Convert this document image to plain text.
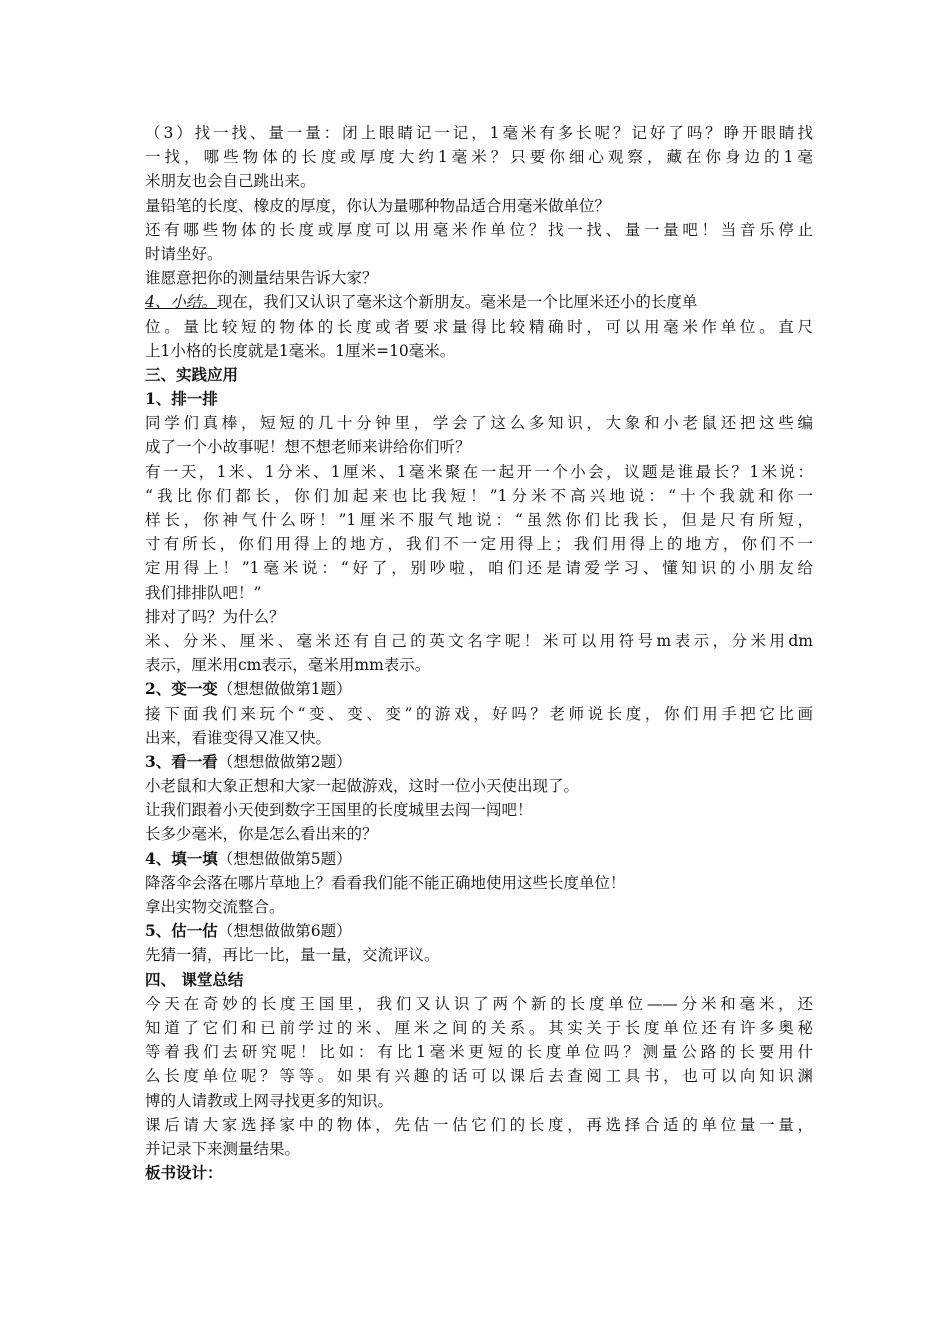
（3）找一找、量一量：闭上眼睛记一记，1毫米有多长呢？记好了吗？睁开眼睛找
一找，哪些物体的长度或厚度大约1毫米？只要你细心观察，藏在你身边的1毫
米朋友也会自己跳出来。
量铅笔的长度、橡皮的厚度，你认为量哪种物品适合用毫米做单位？
还有哪些物体的长度或厚度可以用毫米作单位？找一找、量一量吧！当音乐停止
时请坐好。
谁愿意把你的测量结果告诉大家？
4、小结。现在，我们又认识了毫米这个新朋友。毫米是一个比厘米还小的长度单
位。量比较短的物体的长度或者要求量得比较精确时，可以用毫米作单位。直尺
上1小格的长度就是1毫米。1厘米=10毫米。
三、实践应用
1、排一排
同学们真棒，短短的几十分钟里，学会了这么多知识，大象和小老鼠还把这些编
成了一个小故事呢！想不想老师来讲给你们听？
有一天，1米、1分米、1厘米、1毫米聚在一起开一个小会，议题是谁最长？1米说：
“我比你们都长，你们加起来也比我短！”1分米不高兴地说：“十个我就和你一
样长，你神气什么呀！”1厘米不服气地说：“虽然你们比我长，但是尺有所短，
寸有所长，你们用得上的地方，我们不一定用得上；我们用得上的地方，你们不一
定用得上！”1毫米说：“好了，别吵啦，咱们还是请爱学习、懂知识的小朋友给
我们排排队吧！”
排对了吗？为什么？
米、分米、厘米、毫米还有自己的英文名字呢！米可以用符号m表示，分米用dm
表示，厘米用cm表示，毫米用mm表示。
2、变一变（想想做做第1题）
接下面我们来玩个“变、变、变”的游戏，好吗？老师说长度，你们用手把它比画
出来，看谁变得又准又快。
3、看一看（想想做做第2题）
小老鼠和大象正想和大家一起做游戏，这时一位小天使出现了。
让我们跟着小天使到数字王国里的长度城里去闯一闯吧！
长多少毫米，你是怎么看出来的？
4、填一填（想想做做第5题）
降落伞会落在哪片草地上？看看我们能不能正确地使用这些长度单位！
拿出实物交流整合。
5、估一估（想想做做第6题）
先猜一猜，再比一比，量一量，交流评议。
四、 课堂总结
今天在奇妙的长度王国里，我们又认识了两个新的长度单位——分米和毫米，还
知道了它们和已前学过的米、厘米之间的关系。其实关于长度单位还有许多奥秘
等着我们去研究呢！比如：有比1毫米更短的长度单位吗？测量公路的长要用什
么长度单位呢？等等。如果有兴趣的话可以课后去查阅工具书，也可以向知识渊
博的人请教或上网寻找更多的知识。
课后请大家选择家中的物体，先估一估它们的长度，再选择合适的单位量一量，
并记录下来测量结果。
板书设计：
